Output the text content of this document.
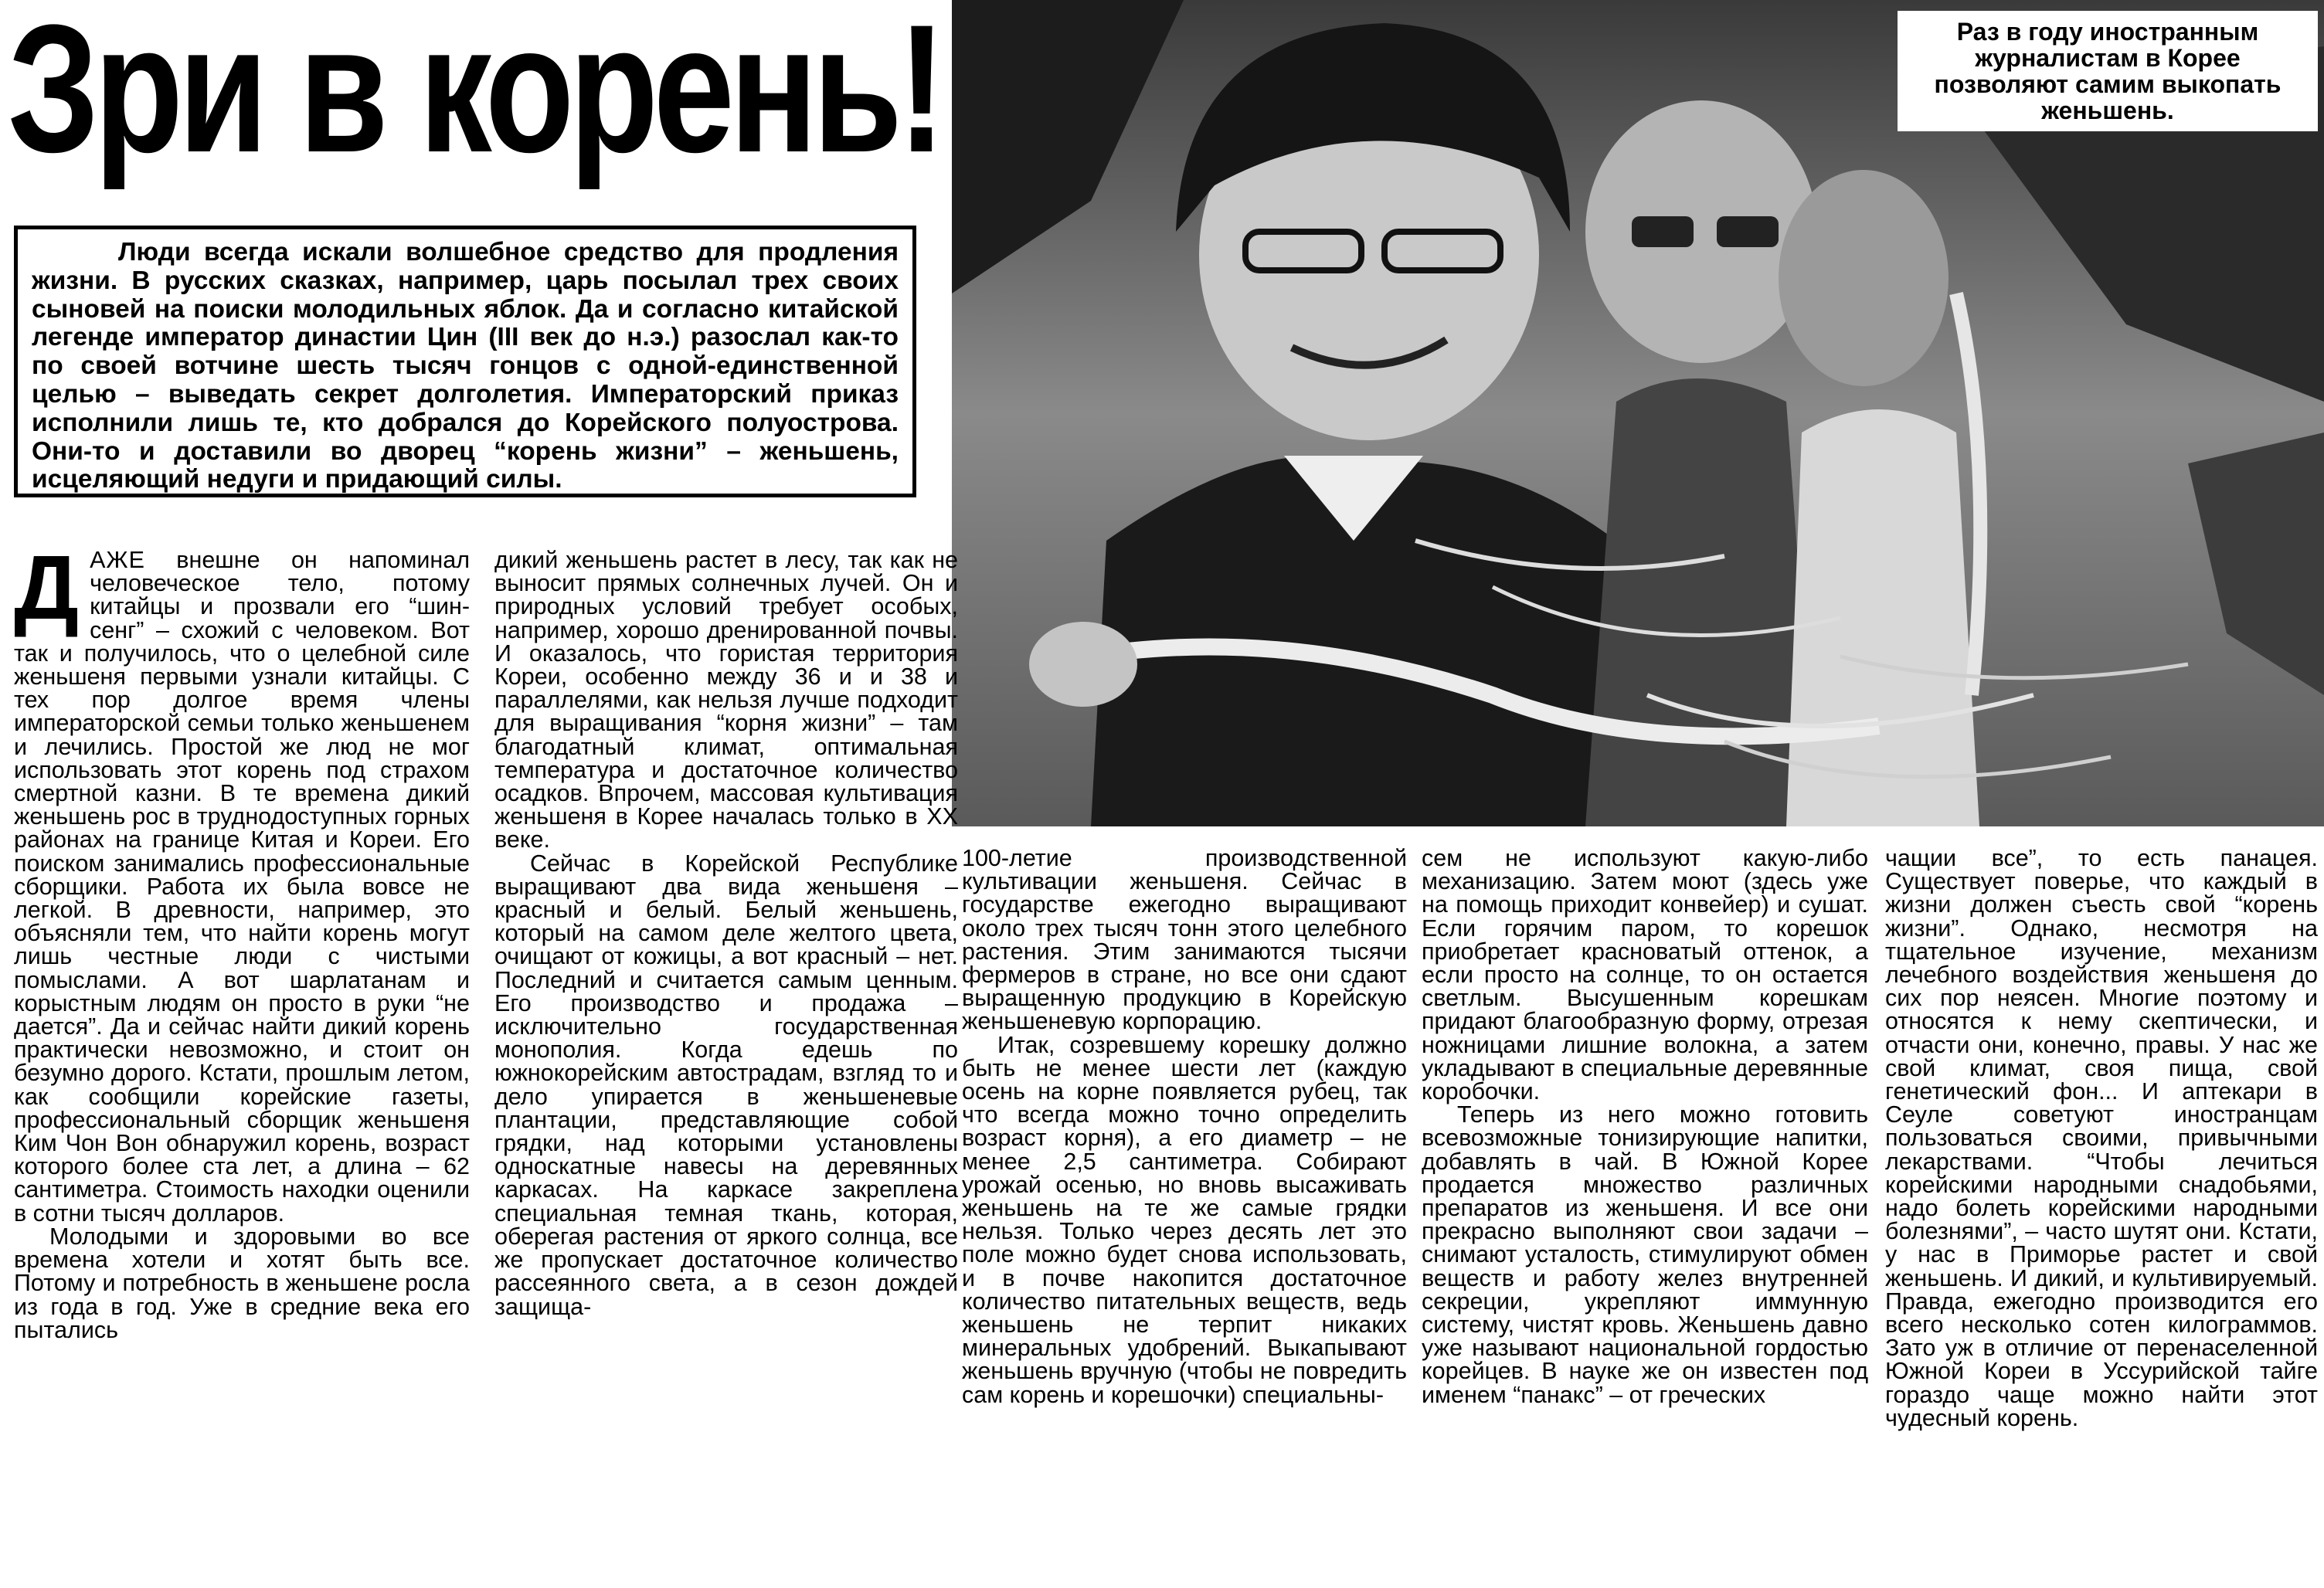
Зри в корень!

Люди всегда искали волшебное средство для продления жизни. В русских сказках, например, царь посылал трех своих сыновей на поиски молодильных яблок. Да и согласно китайской легенде император династии Цин (III век до н.э.) разослал как-то по своей вотчине шесть тысяч гонцов с одной-единственной целью – выведать секрет долголетия. Императорский приказ исполнили лишь те, кто добрался до Корейского полуострова. Они-то и доставили во дворец “корень жизни” – женьшень, исцеляющий недуги и придающий силы.

Раз в году иностранным журналистам в Корее позволяют самим выкопать женьшень.

ДАЖЕ внешне он напоминал человеческое тело, потому китайцы и прозвали его “шин-сенг” – схожий с человеком. Вот так и получилось, что о целебной силе женьшеня первыми узнали китайцы. С тех пор долгое время члены императорской семьи только женьшенем и лечились. Простой же люд не мог использовать этот корень под страхом смертной казни. В те времена дикий женьшень рос в труднодоступных горных районах на границе Китая и Кореи. Его поиском занимались профессиональные сборщики. Работа их была вовсе не легкой. В древности, например, это объясняли тем, что найти корень могут лишь честные люди с чистыми помыслами. А вот шарлатанам и корыстным людям он просто в руки “не дается”. Да и сейчас найти дикий корень практически невозможно, и стоит он безумно дорого. Кстати, прошлым летом, как сообщили корейские газеты, профессиональный сборщик женьшеня Ким Чон Вон обнаружил корень, возраст которого более ста лет, а длина – 62 сантиметра. Стоимость находки оценили в сотни тысяч долларов.

Молодыми и здоровыми во все времена хотели и хотят быть все. Потому и потребность в женьшене росла из года в год. Уже в средние века его пытались

дикий женьшень растет в лесу, так как не выносит прямых солнечных лучей. Он и природных условий требует особых, например, хорошо дренированной почвы. И оказалось, что гористая территория Кореи, особенно между 36 и и 38 и параллелями, как нельзя лучше подходит для выращивания “корня жизни” – там благодатный климат, оптимальная температура и достаточное количество осадков. Впрочем, массовая культивация женьшеня в Корее началась только в XX веке.

Сейчас в Корейской Республике выращивают два вида женьшеня – красный и белый. Белый женьшень, который на самом деле желтого цвета, очищают от кожицы, а вот красный – нет. Последний и считается самым ценным. Его производство и продажа – исключительно государственная монополия. Когда едешь по южнокорейским автострадам, взгляд то и дело упирается в женьшеневые плантации, представляющие собой грядки, над которыми установлены односкатные навесы на деревянных каркасах. На каркасе закреплена специальная темная ткань, которая, оберегая растения от яркого солнца, все же пропускает достаточное количество рассеянного света, а в сезон дождей защища-

100-летие производственной культивации женьшеня. Сейчас в государстве ежегодно выращивают около трех тысяч тонн этого целебного растения. Этим занимаются тысячи фермеров в стране, но все они сдают выращенную продукцию в Корейскую женьшеневую корпорацию.

Итак, созревшему корешку должно быть не менее шести лет (каждую осень на корне появляется рубец, так что всегда можно точно определить возраст корня), а его диаметр – не менее 2,5 сантиметра. Собирают урожай осенью, но вновь высаживать женьшень на те же самые грядки нельзя. Только через десять лет это поле можно будет снова использовать, и в почве накопится достаточное количество питательных веществ, ведь женьшень не терпит никаких минеральных удобрений. Выкапывают женьшень вручную (чтобы не повредить сам корень и корешочки) специальны-

сем не используют какую-либо механизацию. Затем моют (здесь уже на помощь приходит конвейер) и сушат. Если горячим паром, то корешок приобретает красноватый оттенок, а если просто на солнце, то он остается светлым. Высушенным корешкам придают благообразную форму, отрезая ножницами лишние волокна, а затем укладывают в специальные деревянные коробочки.

Теперь из него можно готовить всевозможные тонизирующие напитки, добавлять в чай. В Южной Корее продается множество различных препаратов из женьшеня. И все они прекрасно выполняют свои задачи – снимают усталость, стимулируют обмен веществ и работу желез внутренней секреции, укрепляют иммунную систему, чистят кровь. Женьшень давно уже называют национальной гордостью корейцев. В науке же он известен под именем “панакс” – от греческих

чащии все”, то есть панацея. Существует поверье, что каждый в жизни должен съесть свой “корень жизни”. Однако, несмотря на тщательное изучение, механизм лечебного воздействия женьшеня до сих пор неясен. Многие поэтому и относятся к нему скептически, и отчасти они, конечно, правы. У нас же свой климат, своя пища, свой генетический фон... И аптекари в Сеуле советуют иностранцам пользоваться своими, привычными лекарствами. “Чтобы лечиться корейскими народными снадобьями, надо болеть корейскими народными болезнями”, – часто шутят они. Кстати, у нас в Приморье растет и свой женьшень. И дикий, и культивируемый. Правда, ежегодно производится его всего несколько сотен килограммов. Зато уж в отличие от перенаселенной Южной Кореи в Уссурийской тайге гораздо чаще можно найти этот чудесный корень.
